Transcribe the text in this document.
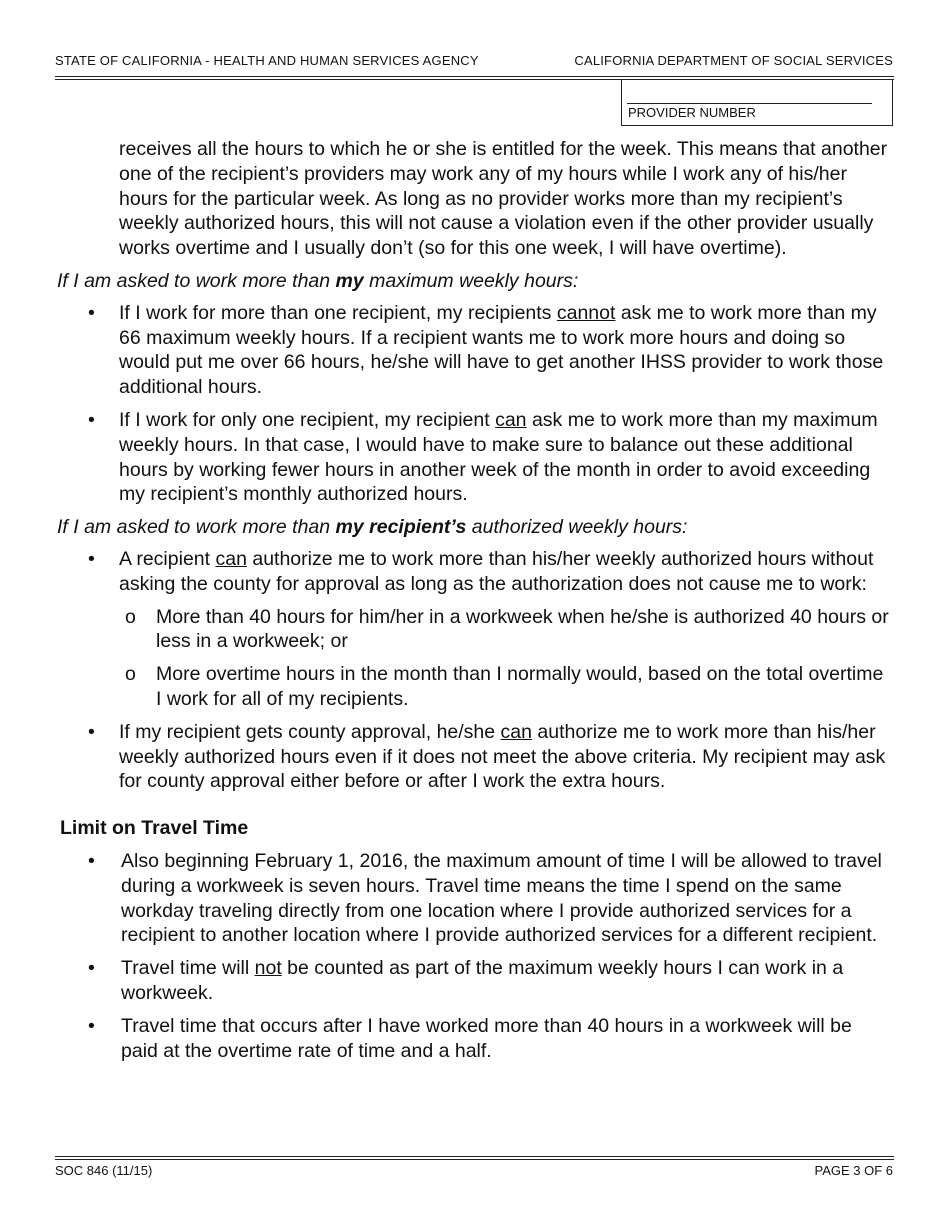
STATE OF CALIFORNIA - HEALTH AND HUMAN SERVICES AGENCY	CALIFORNIA DEPARTMENT OF SOCIAL SERVICES
PROVIDER NUMBER

receives all the hours to which he or she is entitled for the week. This means that another one of the recipient’s providers may work any of my hours while I work any of his/her hours for the particular week. As long as no provider works more than my recipient’s weekly authorized hours, this will not cause a violation even if the other provider usually works overtime and I usually don’t (so for this one week, I will have overtime).

If I am asked to work more than my maximum weekly hours:

• If I work for more than one recipient, my recipients cannot ask me to work more than my 66 maximum weekly hours. If a recipient wants me to work more hours and doing so would put me over 66 hours, he/she will have to get another IHSS provider to work those additional hours.
• If I work for only one recipient, my recipient can ask me to work more than my maximum weekly hours. In that case, I would have to make sure to balance out these additional hours by working fewer hours in another week of the month in order to avoid exceeding my recipient’s monthly authorized hours.

If I am asked to work more than my recipient’s authorized weekly hours:

• A recipient can authorize me to work more than his/her weekly authorized hours without asking the county for approval as long as the authorization does not cause me to work:
o More than 40 hours for him/her in a workweek when he/she is authorized 40 hours or less in a workweek; or
o More overtime hours in the month than I normally would, based on the total overtime I work for all of my recipients.
• If my recipient gets county approval, he/she can authorize me to work more than his/her weekly authorized hours even if it does not meet the above criteria. My recipient may ask for county approval either before or after I work the extra hours.

Limit on Travel Time

• Also beginning February 1, 2016, the maximum amount of time I will be allowed to travel during a workweek is seven hours. Travel time means the time I spend on the same workday traveling directly from one location where I provide authorized services for a recipient to another location where I provide authorized services for a different recipient.
• Travel time will not be counted as part of the maximum weekly hours I can work in a workweek.
• Travel time that occurs after I have worked more than 40 hours in a workweek will be paid at the overtime rate of time and a half.
SOC 846 (11/15)	PAGE 3 OF 6
